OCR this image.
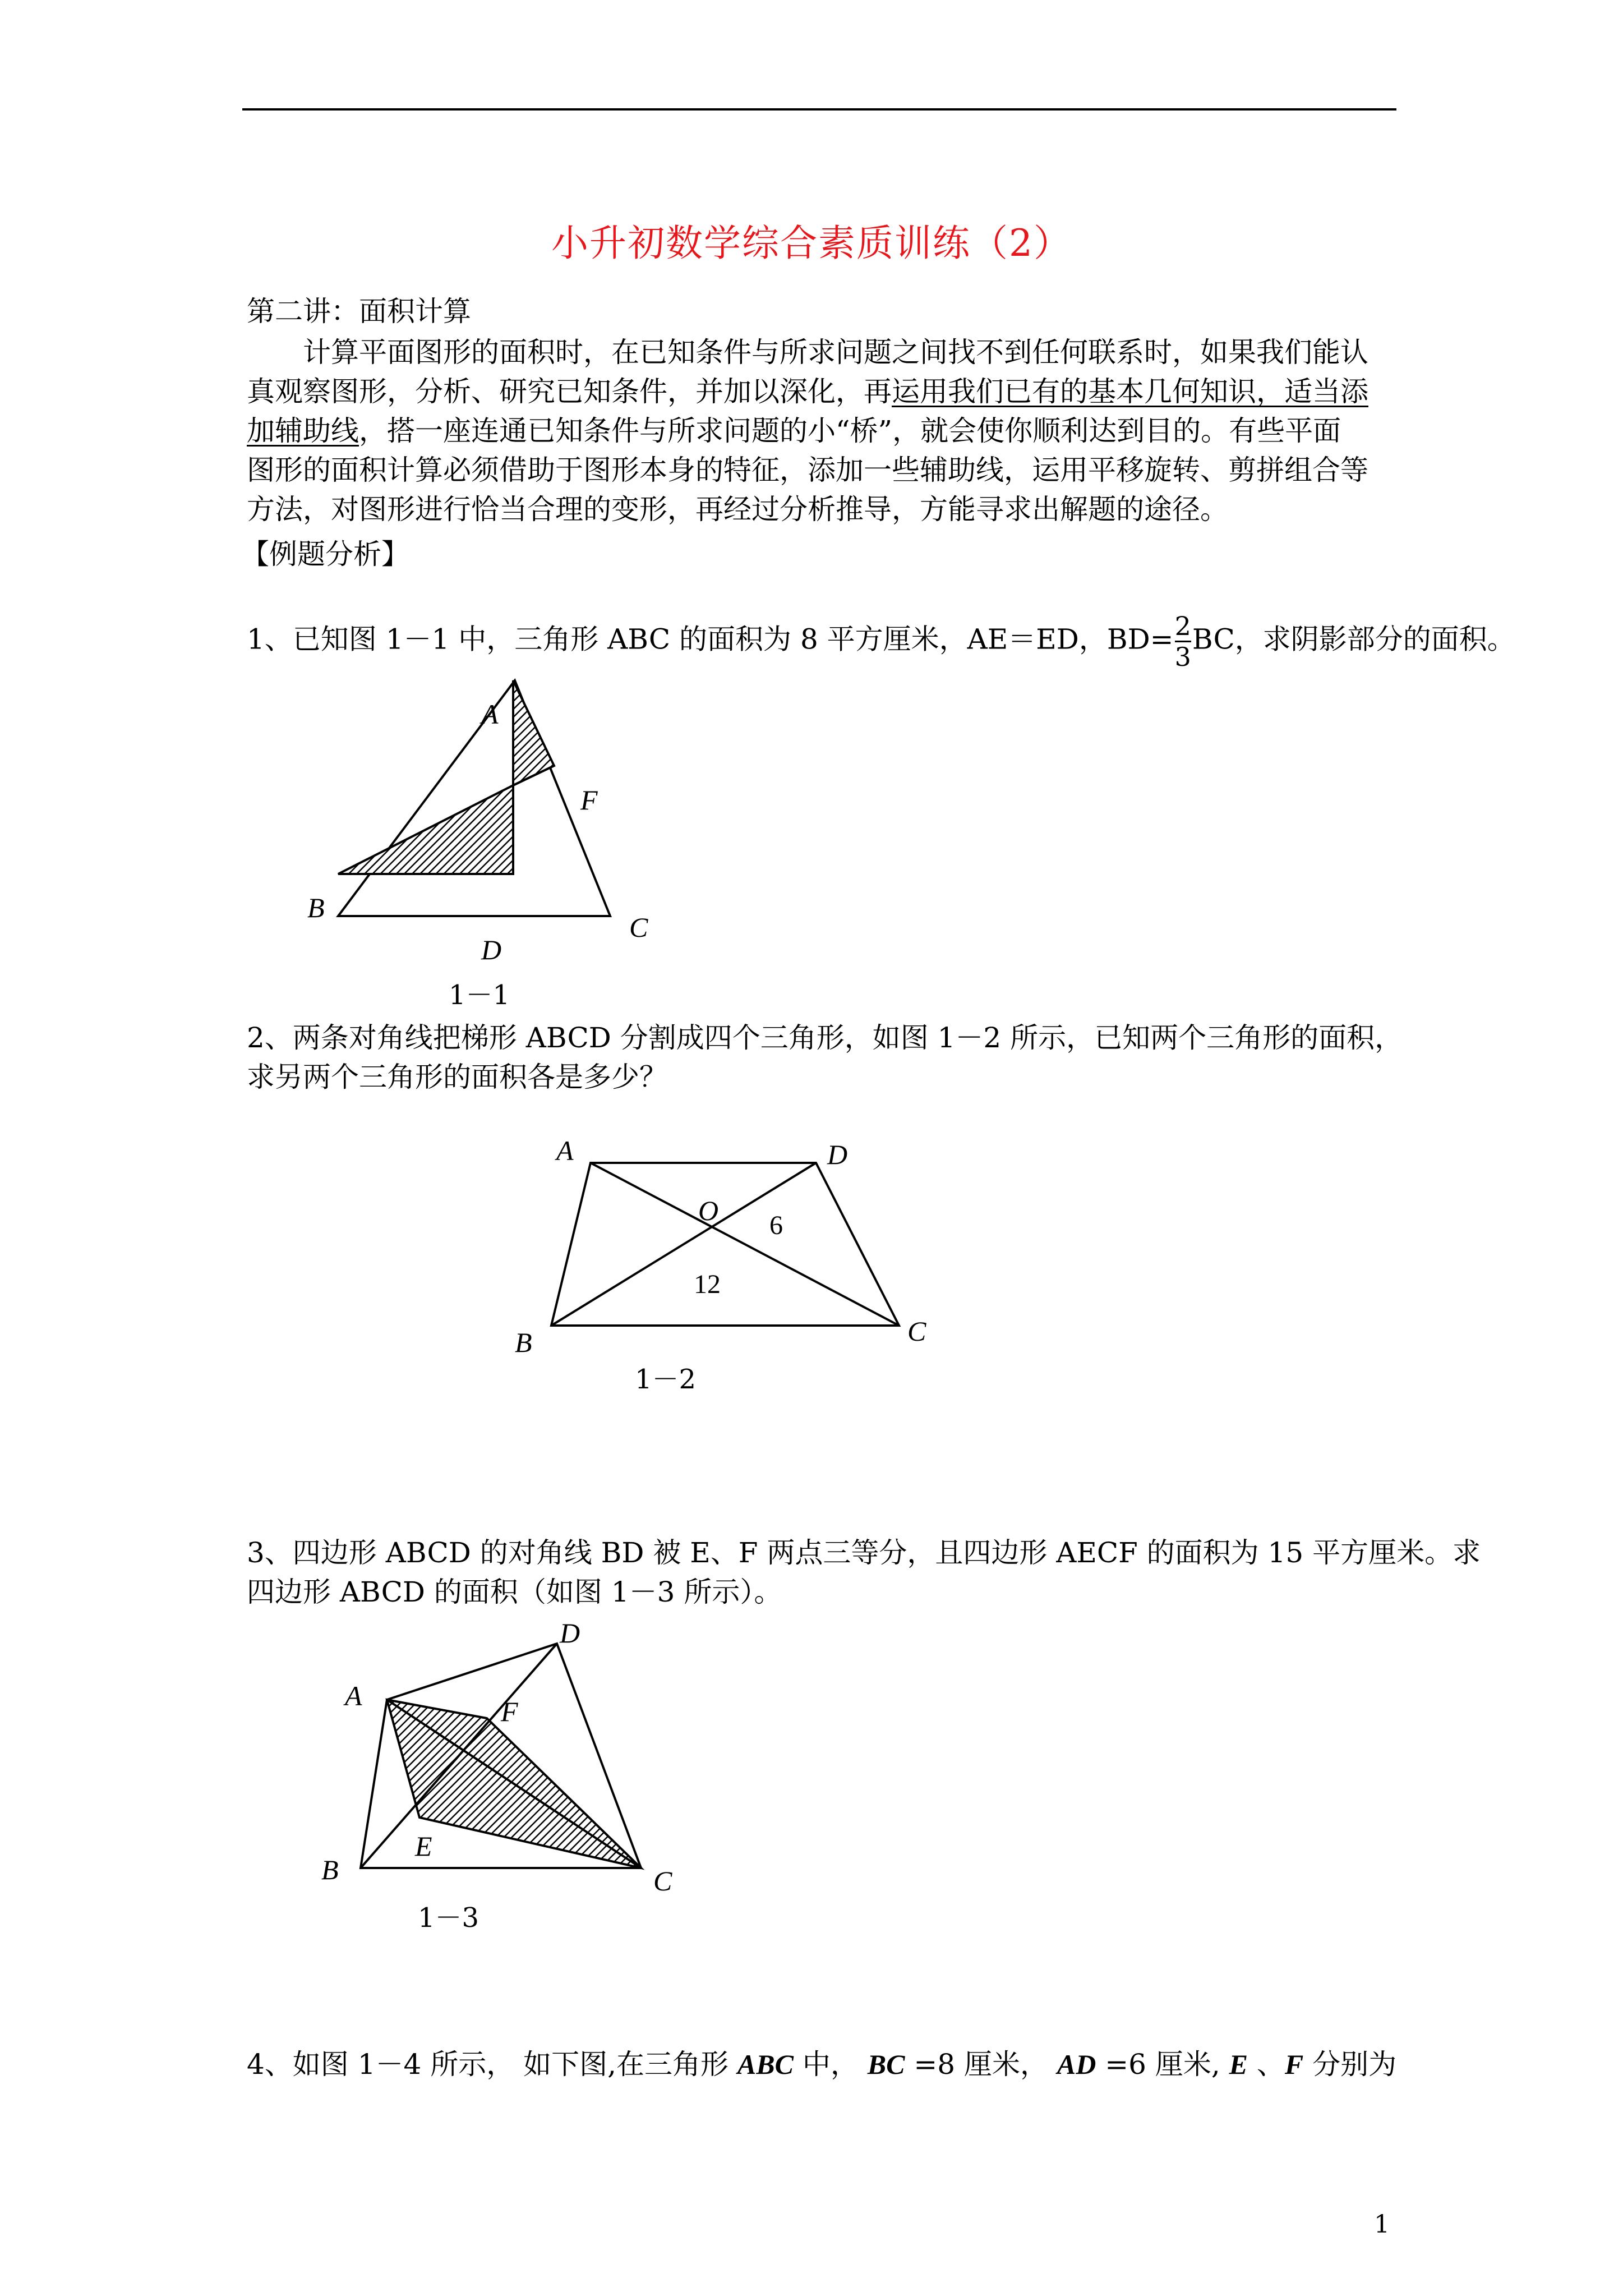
小升初数学综合素质训练（2）
第二讲：面积计算
计算平面图形的面积时，在已知条件与所求问题之间找不到任何联系时，如果我们能认
真观察图形，分析、研究已知条件，并加以深化，再运用我们已有的基本几何知识，适当添
加辅助线，搭一座连通已知条件与所求问题的小“桥”，就会使你顺利达到目的。有些平面
图形的面积计算必须借助于图形本身的特征，添加一些辅助线，运用平移旋转、剪拼组合等
方法，对图形进行恰当合理的变形，再经过分析推导，方能寻求出解题的途径。
【例题分析】
1、已知图 1－1 中，三角形 ABC 的面积为 8 平方厘米，AE＝ED，$BD= \frac{2}{3}$ BC，求阴影部分的面积。
A
F
B
C
D
1－1
2、两条对角线把梯形 ABCD 分割成四个三角形，如图 1－2 所示，已知两个三角形的面积，
求另两个三角形的面积各是多少？
A	D
O 6
12
B	C
1－2
3、四边形 ABCD 的对角线 BD 被 E、F 两点三等分，且四边形 AECF 的面积为 15 平方厘米。求
四边形 ABCD 的面积（如图 1－3 所示）。
A
D
F
E
B	C
1－3
4、如图 1－4 所示， 如下图,在三角形 ABC 中， BC =8 厘米， AD =6 厘米, E 、F 分别为
1
